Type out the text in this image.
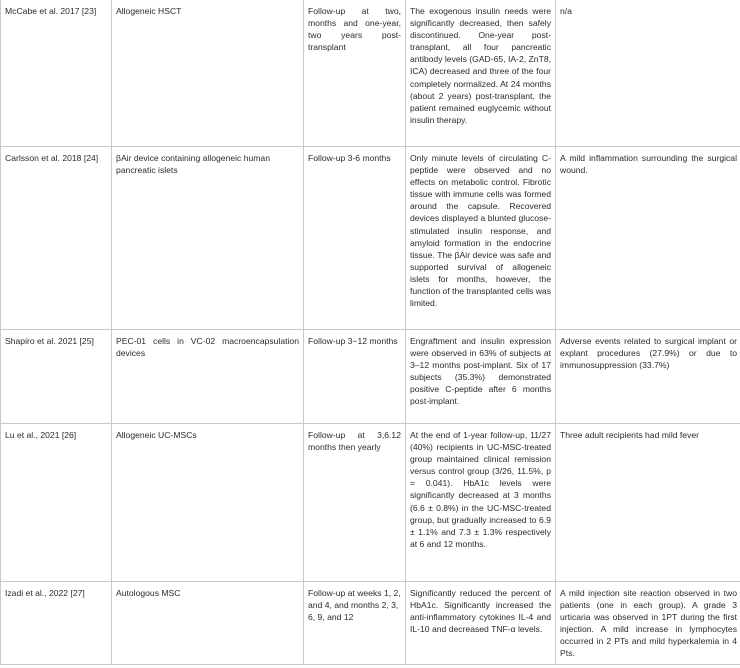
McCabe et al. 2017 [23]	Allogeneic HSCT	Follow-up at two, months and one-year, two years post-transplant	The exogenous insulin needs were significantly decreased, then safely discontinued. One-year post-transplant, all four pancreatic antibody levels (GAD-65, IA-2, ZnT8, ICA) decreased and three of the four completely normalized. At 24 months (about 2 years) post-transplant, the patient remained euglycemic without insulin therapy.	n/a
Carlsson et al. 2018 [24]	βAir device containing allogeneic human pancreatic islets	Follow-up 3-6 months	Only minute levels of circulating C-peptide were observed and no effects on metabolic control. Fibrotic tissue with immune cells was formed around the capsule. Recovered devices displayed a blunted glucose-stimulated insulin response, and amyloid formation in the endocrine tissue. The βAir device was safe and supported survival of allogeneic islets for months, however, the function of the transplanted cells was limited.	A mild inflammation surrounding the surgical wound.
Shapiro et al. 2021 [25]	PEC-01 cells in VC-02 macroencapsulation devices	Follow-up 3−12 months	Engraftment and insulin expression were observed in 63% of subjects at 3–12 months post-implant. Six of 17 subjects (35.3%) demonstrated positive C-peptide after 6 months post-implant.	Adverse events related to surgical implant or explant procedures (27.9%) or due to immunosuppression (33.7%)
Lu et al., 2021 [26]	Allogeneic UC-MSCs	Follow-up at 3,6.12 months then yearly	At the end of 1-year follow-up, 11/27 (40%) recipients in UC-MSC-treated group maintained clinical remission versus control group (3/26, 11.5%, p = 0.041). HbA1c levels were significantly decreased at 3 months (6.6 ± 0.8%) in the UC-MSC-treated group, but gradually increased to 6.9 ± 1.1% and 7.3 ± 1.3% respectively at 6 and 12 months.	Three adult recipients had mild fever
Izadi et al., 2022 [27]	Autologous MSC	Follow-up at weeks 1, 2, and 4, and months 2, 3, 6, 9, and 12	Significantly reduced the percent of HbA1c. Significantly increased the anti-inflammatory cytokines IL-4 and IL-10 and decreased TNF-α levels.	A mild injection site reaction observed in two patients (one in each group). A grade 3 urticaria was observed in 1PT during the first injection. A mild increase in lymphocytes occurred in 2 PTs and mild hyperkalemia in 4 Pts.
